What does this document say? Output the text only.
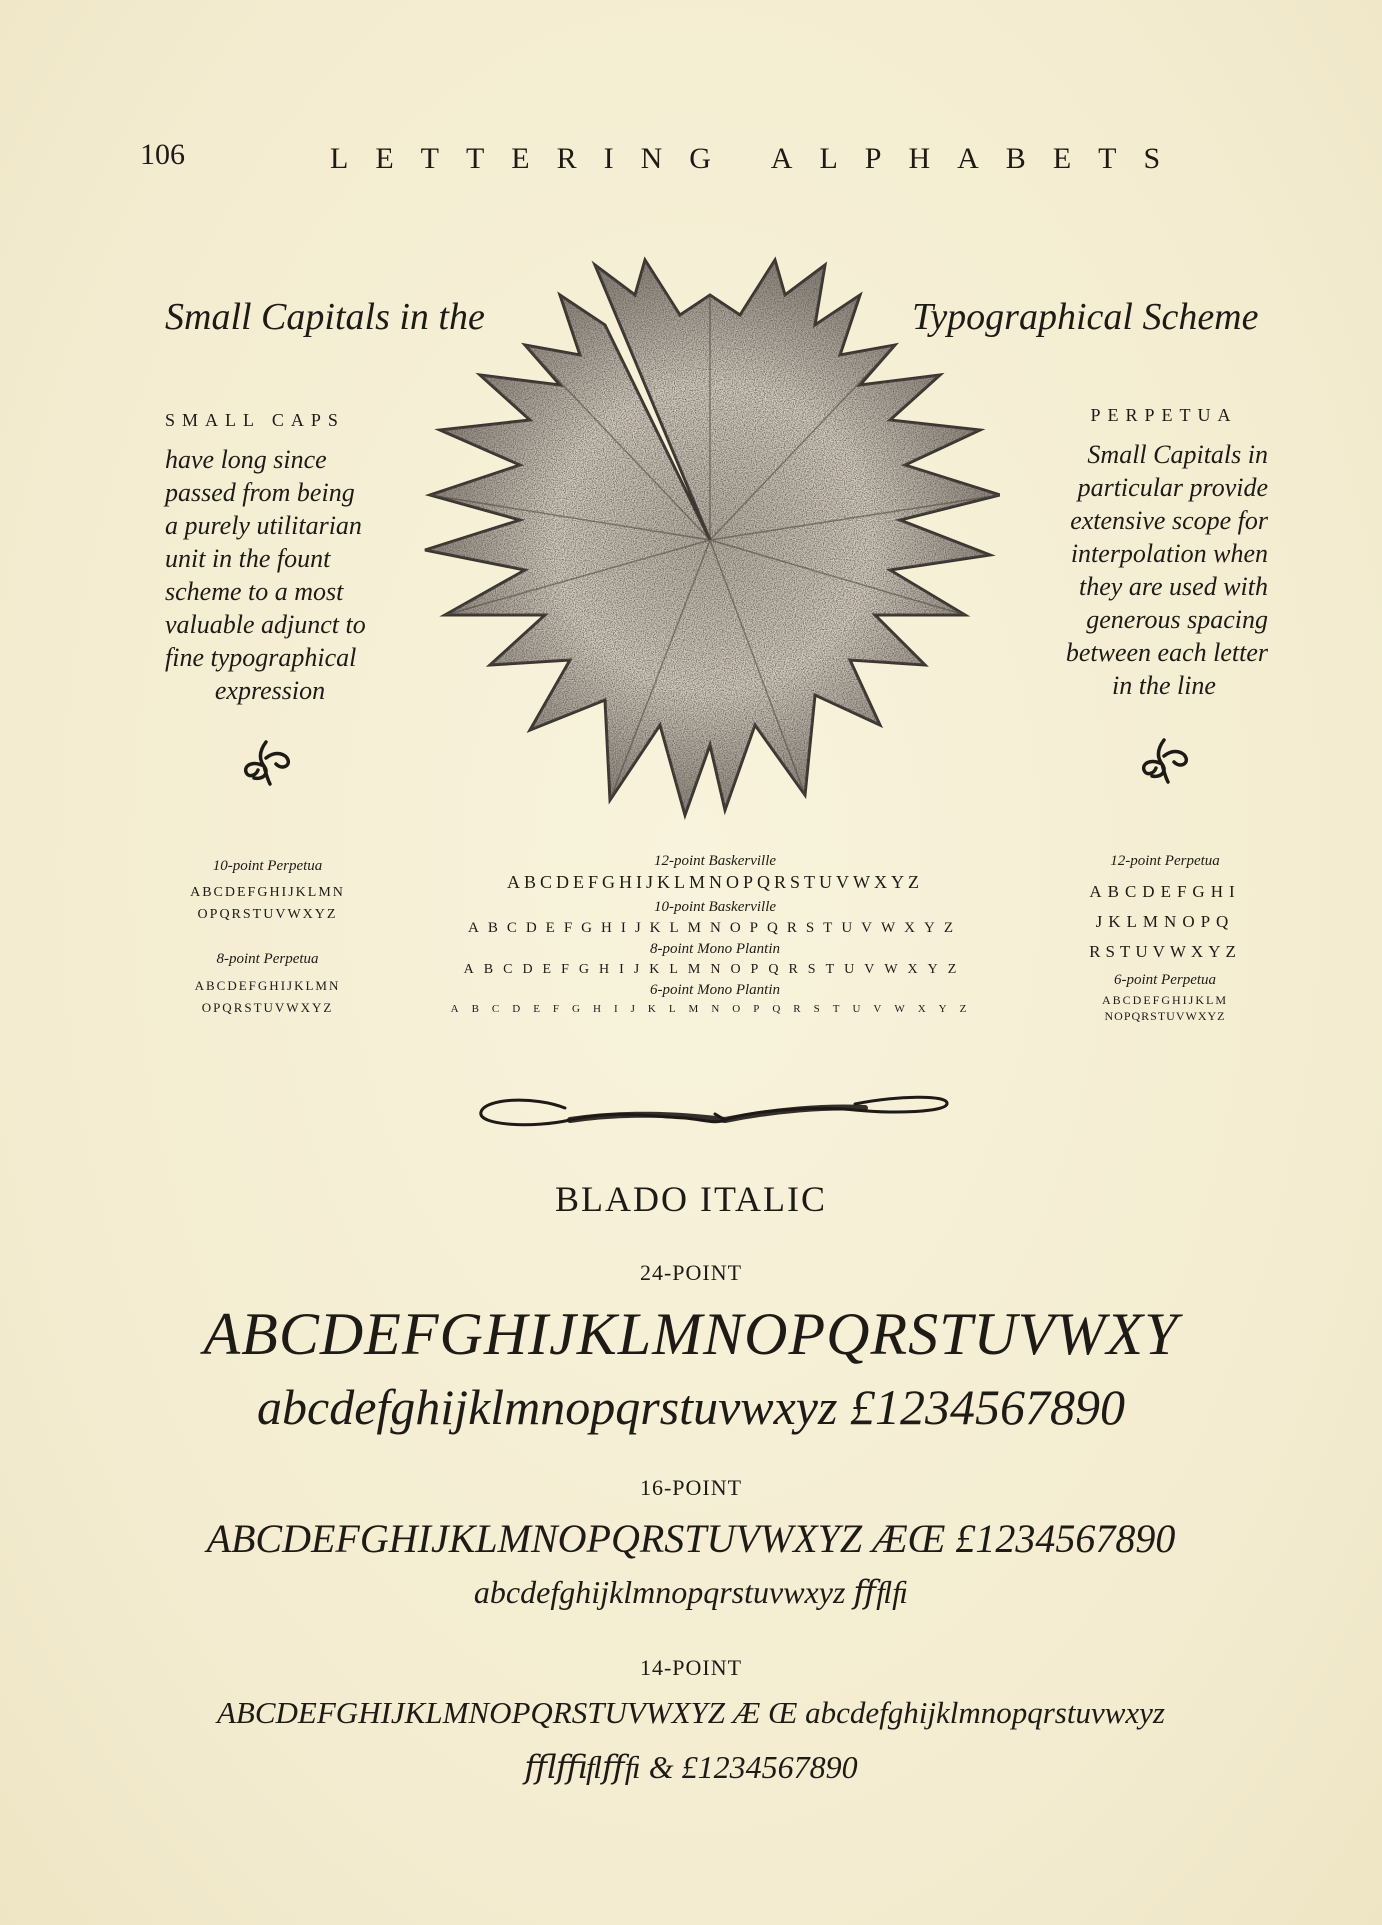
106	LETTERING ALPHABETS
Small Capitals in the	Typographical Scheme
SMALL CAPS
have long since
passed from being
a purely utilitarian
unit in the fount
scheme to a most
valuable adjunct to
fine typographical

expression
PERPETUA
Small Capitals in
particular provide
extensive scope for
interpolation when
they are used with
generous spacing
between each letter

in the line
10-point Perpetua
ABCDEFGHIJKLMN
OPQRSTUVWXYZ
8-point Perpetua
ABCDEFGHIJKLMN
OPQRSTUVWXYZ
12-point Baskerville
ABCDEFGHIJKLMNOPQRSTUVWXYZ
10-point Baskerville
ABCDEFGHIJKLMNOPQRSTUVWXYZ
8-point Mono Plantin
ABCDEFGHIJKLMNOPQRSTUVWXYZ
6-point Mono Plantin
ABCDEFGHIJKLMNOPQRSTUVWXYZ
12-point Perpetua
ABCDEFGHI
JKLMNOPQ
RSTUVWXYZ
6-point Perpetua
ABCDEFGHIJKLM
NOPQRSTUVWXYZ
BLADO ITALIC
24-POINT
ABCDEFGHIJKLMNOPQRSTUVWXY
abcdefghijklmnopqrstuvwxyz £1234567890
16-POINT
ABCDEFGHIJKLMNOPQRSTUVWXYZ ÆŒ £1234567890
abcdefghijklmnopqrstuvwxyz ﬀﬂﬁ
14-POINT
ABCDEFGHIJKLMNOPQRSTUVWXYZ Æ Œ abcdefghijklmnopqrstuvwxyz
ﬄﬃﬂﬀﬁ & £1234567890
